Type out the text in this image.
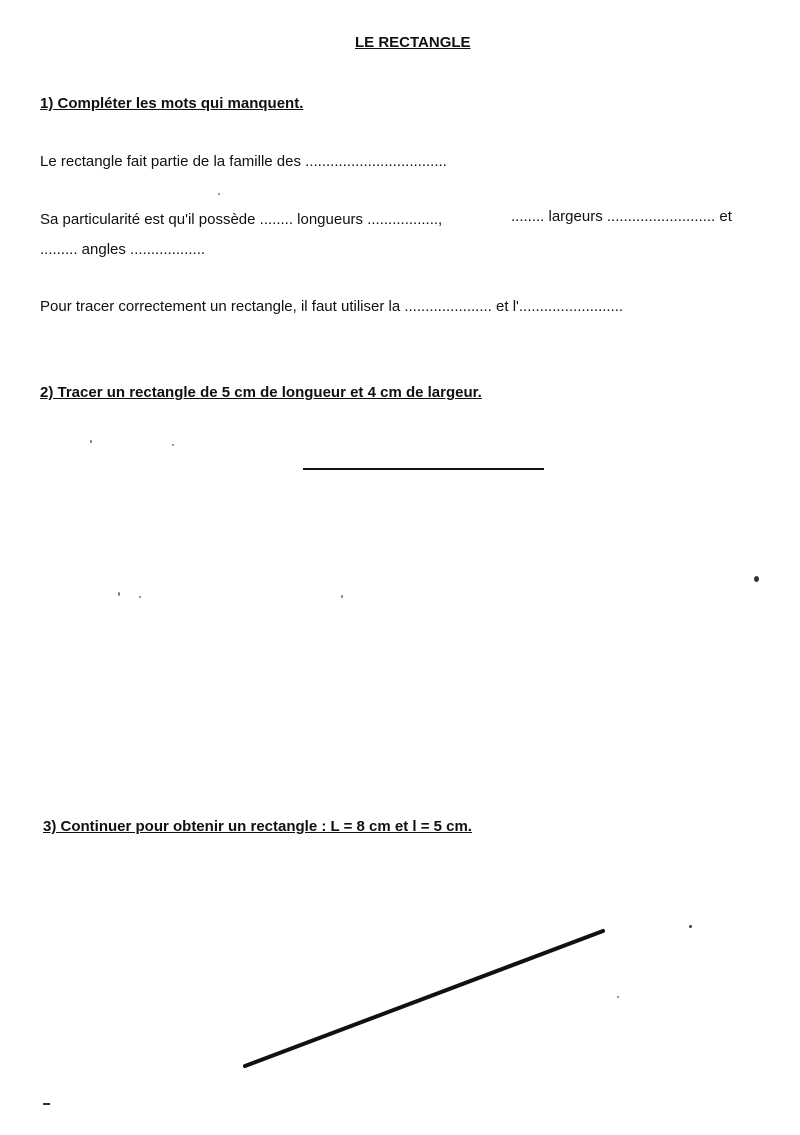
LE RECTANGLE
1) Compléter les mots qui manquent.
Le rectangle fait partie de la famille des ..................................
Sa particularité est qu'il possède ........ longueurs .................,	........ largeurs .......................... et
......... angles ..................
Pour tracer correctement un rectangle, il faut utiliser la ..................... et l'.........................
2) Tracer un rectangle de 5 cm de longueur et 4 cm de largeur.
3) Continuer pour obtenir un rectangle : L = 8 cm et l = 5 cm.
